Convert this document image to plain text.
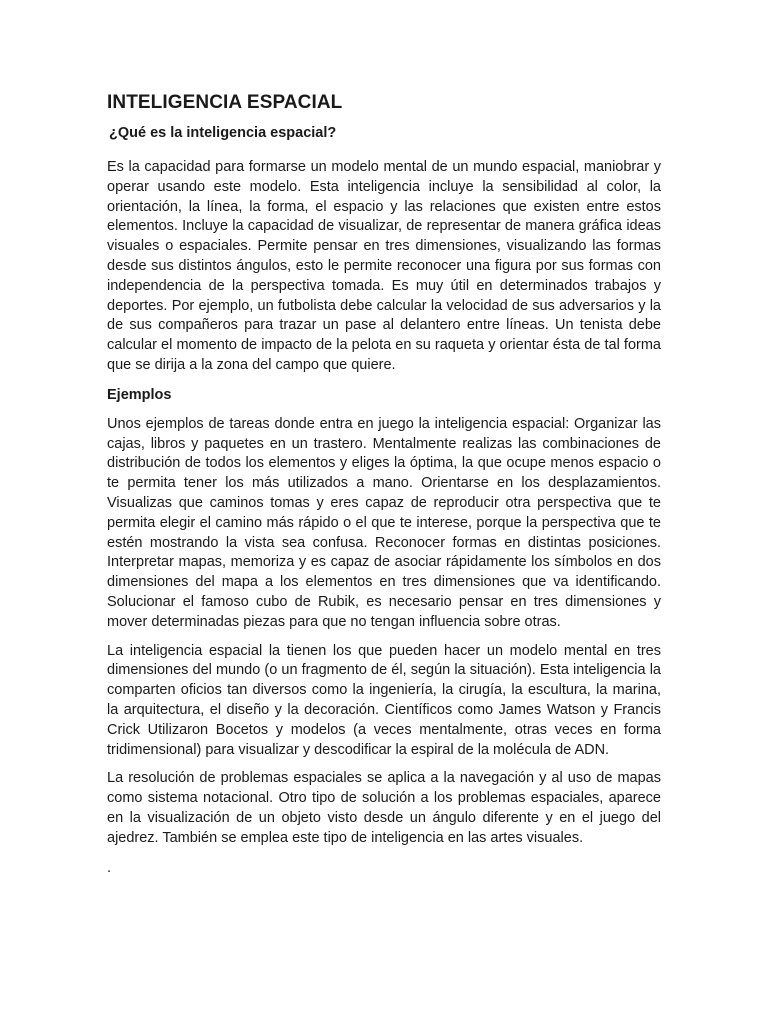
INTELIGENCIA ESPACIAL
¿Qué es la inteligencia espacial?

Es la capacidad para formarse un modelo mental de un mundo espacial, maniobrar y operar usando este modelo. Esta inteligencia incluye la sensibilidad al color, la orientación, la línea, la forma, el espacio y las relaciones que existen entre estos elementos. Incluye la capacidad de visualizar, de representar de manera gráfica ideas visuales o espaciales. Permite pensar en tres dimensiones, visualizando las formas desde sus distintos ángulos, esto le permite reconocer una figura por sus formas con independencia de la perspectiva tomada. Es muy útil en determinados trabajos y deportes. Por ejemplo, un futbolista debe calcular la velocidad de sus adversarios y la de sus compañeros para trazar un pase al delantero entre líneas. Un tenista debe calcular el momento de impacto de la pelota en su raqueta y orientar ésta de tal forma que se dirija a la zona del campo que quiere.

Ejemplos

Unos ejemplos de tareas donde entra en juego la inteligencia espacial: Organizar las cajas, libros y paquetes en un trastero. Mentalmente realizas las combinaciones de distribución de todos los elementos y eliges la óptima, la que ocupe menos espacio o te permita tener los más utilizados a mano. Orientarse en los desplazamientos. Visualizas que caminos tomas y eres capaz de reproducir otra perspectiva que te permita elegir el camino más rápido o el que te interese, porque la perspectiva que te estén mostrando la vista sea confusa. Reconocer formas en distintas posiciones. Interpretar mapas, memoriza y es capaz de asociar rápidamente los símbolos en dos dimensiones del mapa a los elementos en tres dimensiones que va identificando. Solucionar el famoso cubo de Rubik, es necesario pensar en tres dimensiones y mover determinadas piezas para que no tengan influencia sobre otras.

La inteligencia espacial la tienen los que pueden hacer un modelo mental en tres dimensiones del mundo (o un fragmento de él, según la situación). Esta inteligencia la comparten oficios tan diversos como la ingeniería, la cirugía, la escultura, la marina, la arquitectura, el diseño y la decoración. Científicos como James Watson y Francis Crick Utilizaron Bocetos y modelos (a veces mentalmente, otras veces en forma tridimensional) para visualizar y descodificar la espiral de la molécula de ADN.

La resolución de problemas espaciales se aplica a la navegación y al uso de mapas como sistema notacional. Otro tipo de solución a los problemas espaciales, aparece en la visualización de un objeto visto desde un ángulo diferente y en el juego del ajedrez. También se emplea este tipo de inteligencia en las artes visuales.

.
